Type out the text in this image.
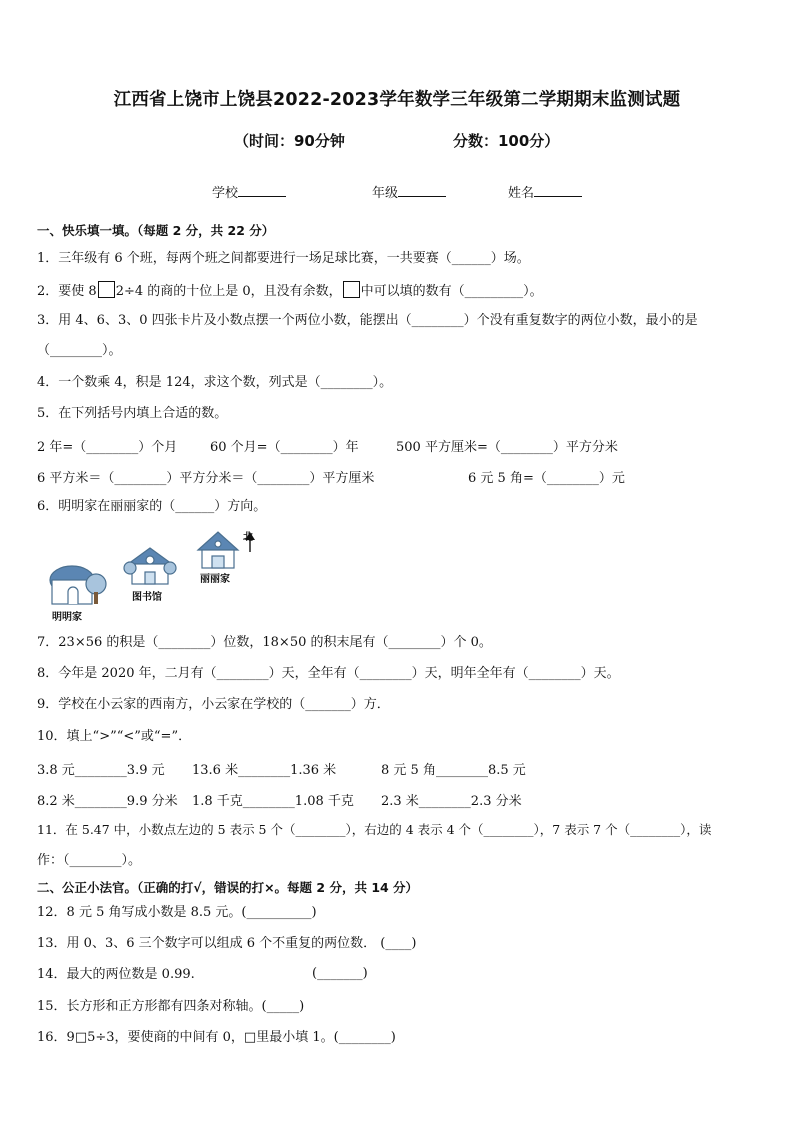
江西省上饶市上饶县2022-2023学年数学三年级第二学期期末监测试题
（时间：90分钟	分数：100分）
学校	年级	姓名
一、快乐填一填。（每题 2 分，共 22 分）
1．三年级有 6 个班，每两个班之间都要进行一场足球比赛，一共要赛（______）场。
2．要使 8 2÷4 的商的十位上是 0，且没有余数， 中可以填的数有（_________）。
3．用 4、6、3、0 四张卡片及小数点摆一个两位小数，能摆出（________）个没有重复数字的两位小数，最小的是
（________）。
4．一个数乘 4，积是 124，求这个数，列式是（________）。
5．在下列括号内填上合适的数。
2 年=（________）个月	60 个月=（________）年	500 平方厘米=（________）平方分米
6 平方米＝（________）平方分米＝（________）平方厘米	6 元 5 角=（________）元
6．明明家在丽丽家的（______）方向。
北
丽丽家
图书馆
明明家
7．23×56 的积是（________）位数，18×50 的积末尾有（________）个 0。
8．今年是 2020 年，二月有（________）天，全年有（________）天，明年全年有（________）天。
9．学校在小云家的西南方，小云家在学校的（_______）方．
10．填上“>”“<”或“=”．
3.8 元________3.9 元 13.6 米________1.36 米	8 元 5 角________8.5 元
8.2 米________9.9 分米 1.8 千克________1.08 千克 2.3 米________2.3 分米
11．在 5.47 中，小数点左边的 5 表示 5 个（________），右边的 4 表示 4 个（________），7 表示 7 个（________），读
作：（________）。
二、公正小法官。（正确的打√，错误的打×。每题 2 分，共 14 分）
12．8 元 5 角写成小数是 8.5 元。(__________)
13．用 0、3、6 三个数字可以组成 6 个不重复的两位数． (____)
14．最大的两位数是 0.99.	(_______)
15．长方形和正方形都有四条对称轴。(_____)
16．9□5÷3，要使商的中间有 0，□里最小填 1。(________)
